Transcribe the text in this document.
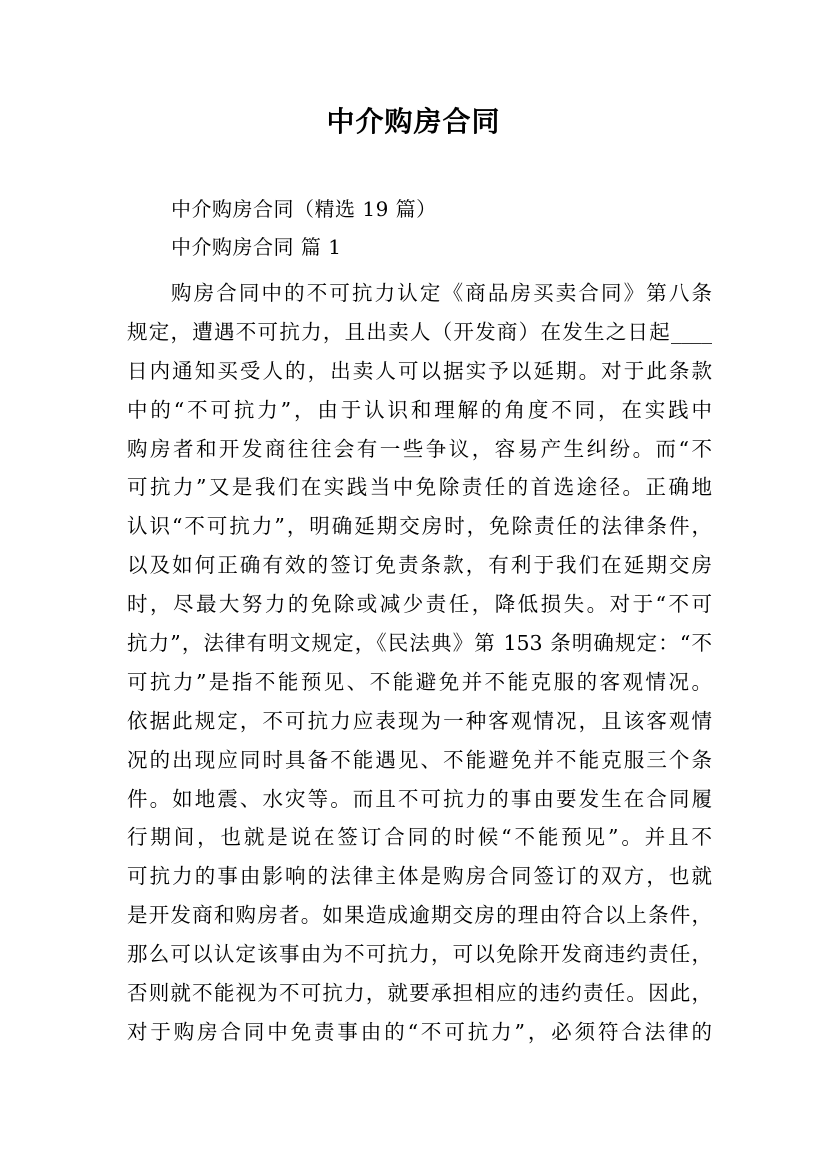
中介购房合同
中介购房合同（精选 19 篇）
中介购房合同 篇 1
购房合同中的不可抗力认定《商品房买卖合同》第八条
规定，遭遇不可抗力，且出卖人（开发商）在发生之日起____
日内通知买受人的，出卖人可以据实予以延期。对于此条款
中的“不可抗力”，由于认识和理解的角度不同，在实践中
购房者和开发商往往会有一些争议，容易产生纠纷。而“不
可抗力”又是我们在实践当中免除责任的首选途径。正确地
认识“不可抗力”，明确延期交房时，免除责任的法律条件，
以及如何正确有效的签订免责条款，有利于我们在延期交房
时，尽最大努力的免除或减少责任，降低损失。对于“不可
抗力”，法律有明文规定，《民法典》第 153 条明确规定：“不
可抗力”是指不能预见、不能避免并不能克服的客观情况。
依据此规定，不可抗力应表现为一种客观情况，且该客观情
况的出现应同时具备不能遇见、不能避免并不能克服三个条
件。如地震、水灾等。而且不可抗力的事由要发生在合同履
行期间，也就是说在签订合同的时候“不能预见”。并且不
可抗力的事由影响的法律主体是购房合同签订的双方，也就
是开发商和购房者。如果造成逾期交房的理由符合以上条件，
那么可以认定该事由为不可抗力，可以免除开发商违约责任，
否则就不能视为不可抗力，就要承担相应的违约责任。因此，
对于购房合同中免责事由的“不可抗力”，必须符合法律的
